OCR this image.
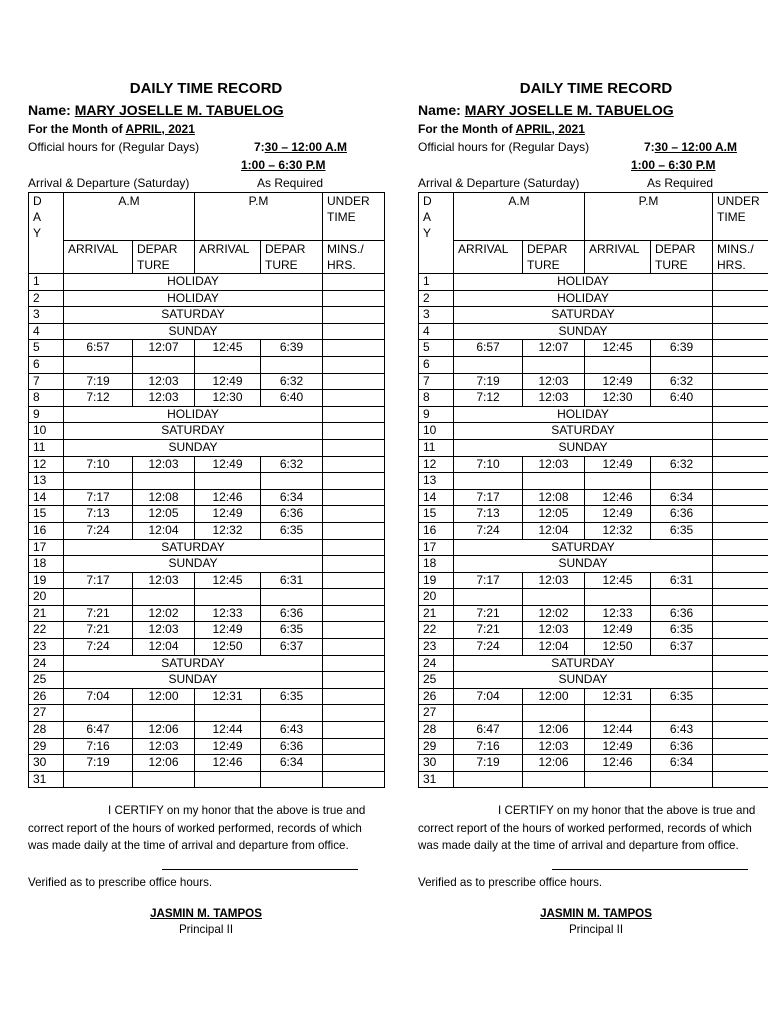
DAILY TIME RECORD
Name: MARY JOSELLE M. TABUELOG
For the Month of APRIL, 2021
Official hours for (Regular Days)	7:30 – 12:00 A.M
1:00 – 6:30 P.M
Arrival & Departure (Saturday)	As Required
D
A
Y	A.M		P.M		UNDER
TIME
	ARRIVAL	DEPAR
TURE	ARRIVAL	DEPAR
TURE	MINS./
HRS.
1	HOLIDAY				
2	HOLIDAY				
3	SATURDAY				
4	SUNDAY				
5	6:57	12:07	12:45	6:39	
6					
7	7:19	12:03	12:49	6:32	
8	7:12	12:03	12:30	6:40	
9	HOLIDAY				
10	SATURDAY				
11	SUNDAY				
12	7:10	12:03	12:49	6:32	
13					
14	7:17	12:08	12:46	6:34	
15	7:13	12:05	12:49	6:36	
16	7:24	12:04	12:32	6:35	
17	SATURDAY				
18	SUNDAY				
19	7:17	12:03	12:45	6:31	
20					
21	7:21	12:02	12:33	6:36	
22	7:21	12:03	12:49	6:35	
23	7:24	12:04	12:50	6:37	
24	SATURDAY				
25	SUNDAY				
26	7:04	12:00	12:31	6:35	
27					
28	6:47	12:06	12:44	6:43	
29	7:16	12:03	12:49	6:36	
30	7:19	12:06	12:46	6:34	
31					
I CERTIFY on my honor that the above is true and correct report of the hours of worked performed, records of which was made daily at the time of arrival and departure from office.
Verified as to prescribe office hours.
JASMIN M. TAMPOS
Principal II
DAILY TIME RECORD
Name: MARY JOSELLE M. TABUELOG
For the Month of APRIL, 2021
Official hours for (Regular Days)	7:30 – 12:00 A.M
1:00 – 6:30 P.M
Arrival & Departure (Saturday)	As Required
D
A
Y	A.M		P.M		UNDER
TIME
	ARRIVAL	DEPAR
TURE	ARRIVAL	DEPAR
TURE	MINS./
HRS.
1	HOLIDAY				
2	HOLIDAY				
3	SATURDAY				
4	SUNDAY				
5	6:57	12:07	12:45	6:39	
6					
7	7:19	12:03	12:49	6:32	
8	7:12	12:03	12:30	6:40	
9	HOLIDAY				
10	SATURDAY				
11	SUNDAY				
12	7:10	12:03	12:49	6:32	
13					
14	7:17	12:08	12:46	6:34	
15	7:13	12:05	12:49	6:36	
16	7:24	12:04	12:32	6:35	
17	SATURDAY				
18	SUNDAY				
19	7:17	12:03	12:45	6:31	
20					
21	7:21	12:02	12:33	6:36	
22	7:21	12:03	12:49	6:35	
23	7:24	12:04	12:50	6:37	
24	SATURDAY				
25	SUNDAY				
26	7:04	12:00	12:31	6:35	
27					
28	6:47	12:06	12:44	6:43	
29	7:16	12:03	12:49	6:36	
30	7:19	12:06	12:46	6:34	
31					
I CERTIFY on my honor that the above is true and correct report of the hours of worked performed, records of which was made daily at the time of arrival and departure from office.
Verified as to prescribe office hours.
JASMIN M. TAMPOS
Principal II
